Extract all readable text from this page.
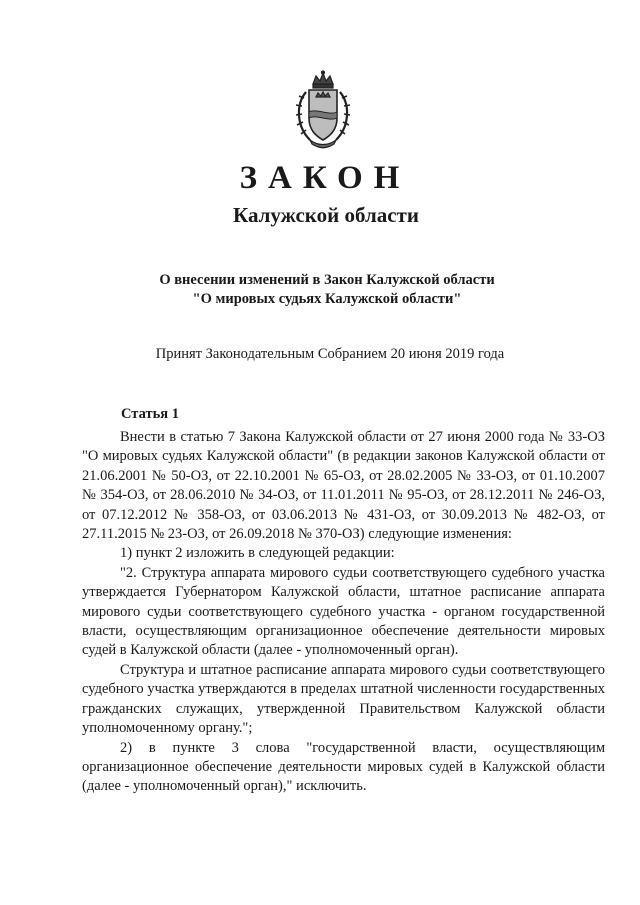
ЗАКОН
Калужской области
О внесении изменений в Закон Калужской области
"О мировых судьях Калужской области"
Принят Законодательным Собранием 20 июня 2019 года
Статья 1

Внести в статью 7 Закона Калужской области от 27 июня 2000 года № 33-ОЗ "О мировых судьях Калужской области" (в редакции законов Калужской области от 21.06.2001 № 50-ОЗ, от 22.10.2001 № 65-ОЗ, от 28.02.2005 № 33-ОЗ, от 01.10.2007 № 354-ОЗ, от 28.06.2010 № 34-ОЗ, от 11.01.2011 № 95-ОЗ, от 28.12.2011 № 246-ОЗ, от 07.12.2012 № 358-ОЗ, от 03.06.2013 № 431-ОЗ, от 30.09.2013 № 482-ОЗ, от 27.11.2015 № 23-ОЗ, от 26.09.2018 № 370-ОЗ) следующие изменения:

1) пункт 2 изложить в следующей редакции:

"2. Структура аппарата мирового судьи соответствующего судебного участка утверждается Губернатором Калужской области, штатное расписание аппарата мирового судьи соответствующего судебного участка - органом государственной власти, осуществляющим организационное обеспечение деятельности мировых судей в Калужской области (далее - уполномоченный орган).

Структура и штатное расписание аппарата мирового судьи соответствующего судебного участка утверждаются в пределах штатной численности государственных гражданских служащих, утвержденной Правительством Калужской области уполномоченному органу.";

2) в пункте 3 слова "государственной власти, осуществляющим организационное обеспечение деятельности мировых судей в Калужской области (далее - уполномоченный орган)," исключить.
